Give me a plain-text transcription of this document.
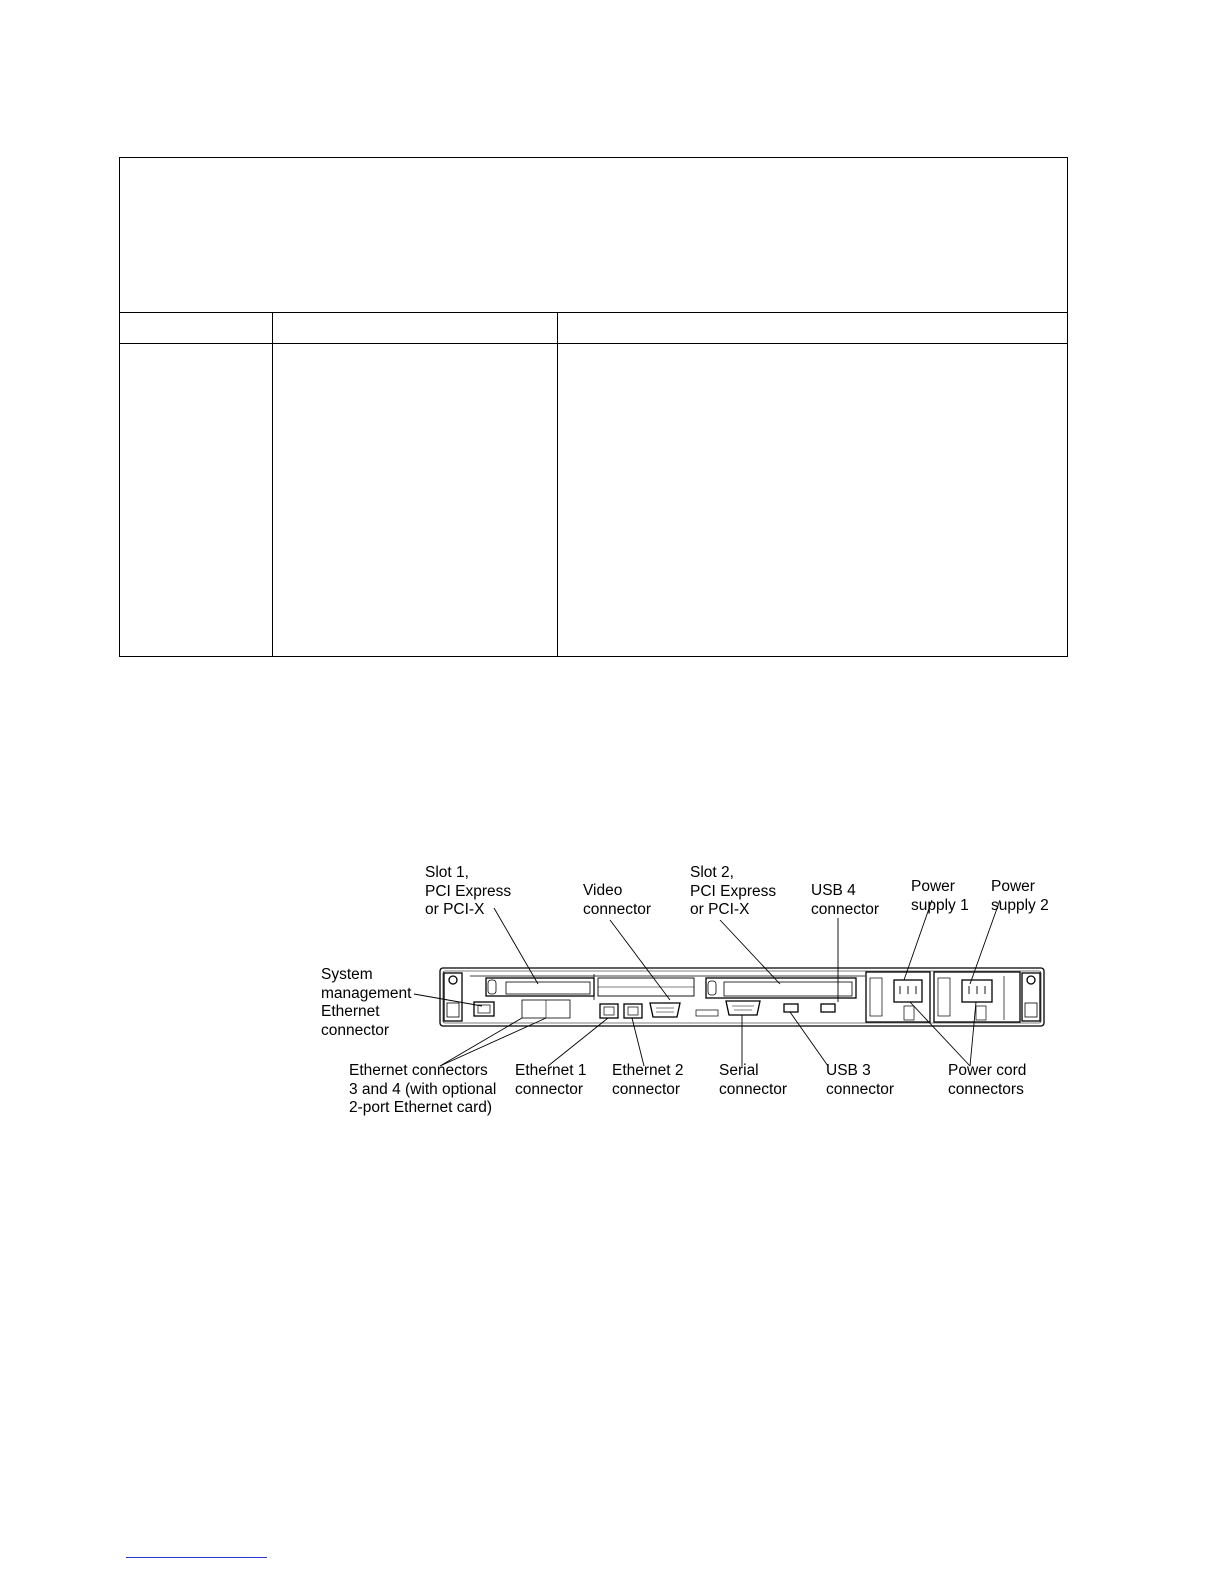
Slot 1,
PCI Express
or PCI-X
Video
connector
Slot 2,
PCI Express
or PCI-X
USB 4
connector
Power
supply 1
Power
supply 2
System
management
Ethernet
connector
Ethernet connectors
3 and 4 (with optional
2-port Ethernet card)
Ethernet 1
connector
Ethernet 2
connector
Serial
connector
USB 3
connector
Power cord
connectors
